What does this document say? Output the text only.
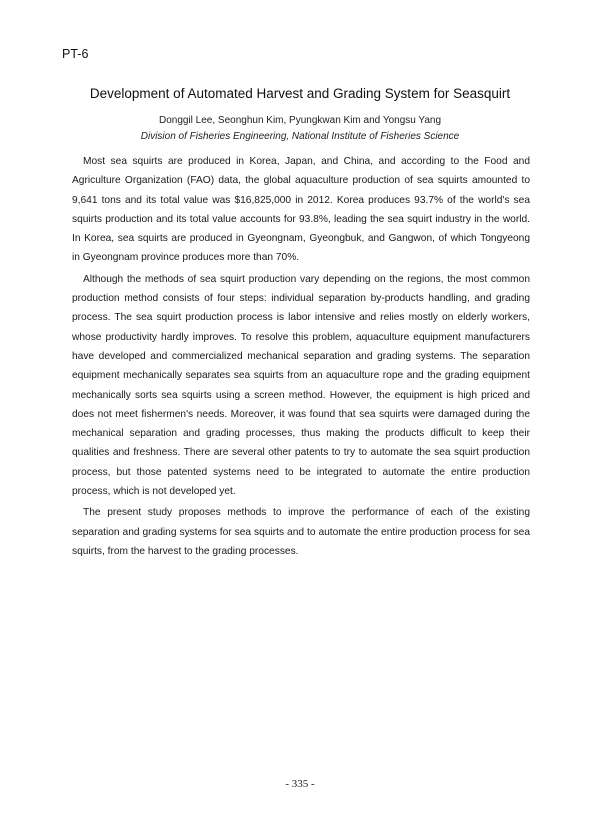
PT-6
Development of Automated Harvest and Grading System for Seasquirt
Donggil Lee, Seonghun Kim, Pyungkwan Kim and Yongsu Yang
Division of Fisheries Engineering, National Institute of Fisheries Science

Most sea squirts are produced in Korea, Japan, and China, and according to the Food and Agriculture Organization (FAO) data, the global aquaculture production of sea squirts amounted to 9,641 tons and its total value was $16,825,000 in 2012. Korea produces 93.7% of the world's sea squirts production and its total value accounts for 93.8%, leading the sea squirt industry in the world. In Korea, sea squirts are produced in Gyeongnam, Gyeongbuk, and Gangwon, of which Tongyeong in Gyeongnam province produces more than 70%.

Although the methods of sea squirt production vary depending on the regions, the most common production method consists of four steps: individual separation by-products handling, and grading process. The sea squirt production process is labor intensive and relies mostly on elderly workers, whose productivity hardly improves. To resolve this problem, aquaculture equipment manufacturers have developed and commercialized mechanical separation and grading systems. The separation equipment mechanically separates sea squirts from an aquaculture rope and the grading equipment mechanically sorts sea squirts using a screen method. However, the equipment is high priced and does not meet fishermen's needs. Moreover, it was found that sea squirts were damaged during the mechanical separation and grading processes, thus making the products difficult to keep their qualities and freshness. There are several other patents to try to automate the sea squirt production process, but those patented systems need to be integrated to automate the entire production process, which is not developed yet.

The present study proposes methods to improve the performance of each of the existing separation and grading systems for sea squirts and to automate the entire production process for sea squirts, from the harvest to the grading processes.

- 335 -
